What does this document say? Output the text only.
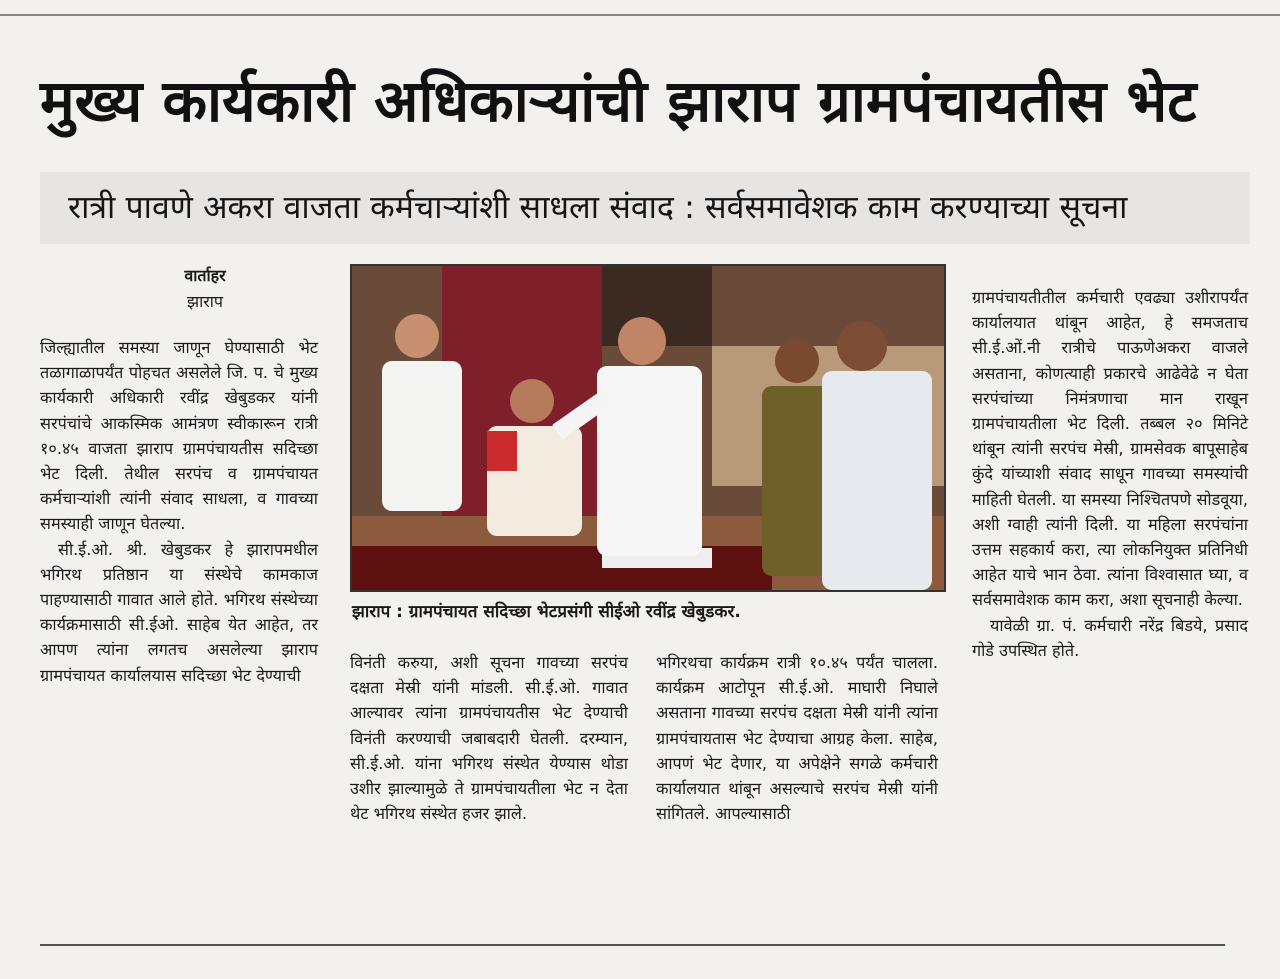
मुख्य कार्यकारी अधिकाऱ्यांची झाराप ग्रामपंचायतीस भेट
रात्री पावणे अकरा वाजता कर्मचाऱ्यांशी साधला संवाद : सर्वसमावेशक काम करण्याच्या सूचना
वार्ताहर
झाराप

जिल्ह्यातील समस्या जाणून घेण्यासाठी भेट तळागाळापर्यंत पोहचत असलेले जि. प. चे मुख्य कार्यकारी अधिकारी रवींद्र खेबुडकर यांनी सरपंचांचे आकस्मिक आमंत्रण स्वीकारून रात्री १०.४५ वाजता झाराप ग्रामपंचायतीस सदिच्छा भेट दिली. तेथील सरपंच व ग्रामपंचायत कर्मचाऱ्यांशी त्यांनी संवाद साधला, व गावच्या समस्याही जाणून घेतल्या.

सी.ई.ओ. श्री. खेबुडकर हे झारापमधील भगिरथ प्रतिष्ठान या संस्थेचे कामकाज पाहण्यासाठी गावात आले होते. भगिरथ संस्थेच्या कार्यक्रमासाठी सी.ईओ. साहेब येत आहेत, तर आपण त्यांना लगतच असलेल्या झाराप ग्रामपंचायत कार्यालयास सदिच्छा भेट देण्याची

झाराप : ग्रामपंचायत सदिच्छा भेटप्रसंगी सीईओ रवींद्र खेबुडकर.

विनंती करुया, अशी सूचना गावच्या सरपंच दक्षता मेस्री यांनी मांडली. सी.ई.ओ. गावात आल्यावर त्यांना ग्रामपंचायतीस भेट देण्याची विनंती करण्याची जबाबदारी घेतली. दरम्यान, सी.ई.ओ. यांना भगिरथ संस्थेत येण्यास थोडा उशीर झाल्यामुळे ते ग्रामपंचायतीला भेट न देता थेट भगिरथ संस्थेत हजर झाले.

भगिरथचा कार्यक्रम रात्री १०.४५ पर्यंत चालला. कार्यक्रम आटोपून सी.ई.ओ. माघारी निघाले असताना गावच्या सरपंच दक्षता मेस्री यांनी त्यांना ग्रामपंचायतास भेट देण्याचा आग्रह केला. साहेब, आपणं भेट देणार, या अपेक्षेने सगळे कर्मचारी कार्यालयात थांबून असल्याचे सरपंच मेस्री यांनी सांगितले. आपल्यासाठी

ग्रामपंचायतीतील कर्मचारी एवढ्या उशीरापर्यंत कार्यालयात थांबून आहेत, हे समजताच सी.ई.ओं.नी रात्रीचे पाऊणेअकरा वाजले असताना, कोणत्याही प्रकारचे आढेवेढे न घेता सरपंचांच्या निमंत्रणाचा मान राखून ग्रामपंचायतीला भेट दिली. तब्बल २० मिनिटे थांबून त्यांनी सरपंच मेस्री, ग्रामसेवक बापूसाहेब कुंदे यांच्याशी संवाद साधून गावच्या समस्यांची माहिती घेतली. या समस्या निश्चितपणे सोडवूया, अशी ग्वाही त्यांनी दिली. या महिला सरपंचांना उत्तम सहकार्य करा, त्या लोकनियुक्त प्रतिनिधी आहेत याचे भान ठेवा. त्यांना विश्वासात घ्या, व सर्वसमावेशक काम करा, अशा सूचनाही केल्या.

यावेळी ग्रा. पं. कर्मचारी नरेंद्र बिडये, प्रसाद गोडे उपस्थित होते.
